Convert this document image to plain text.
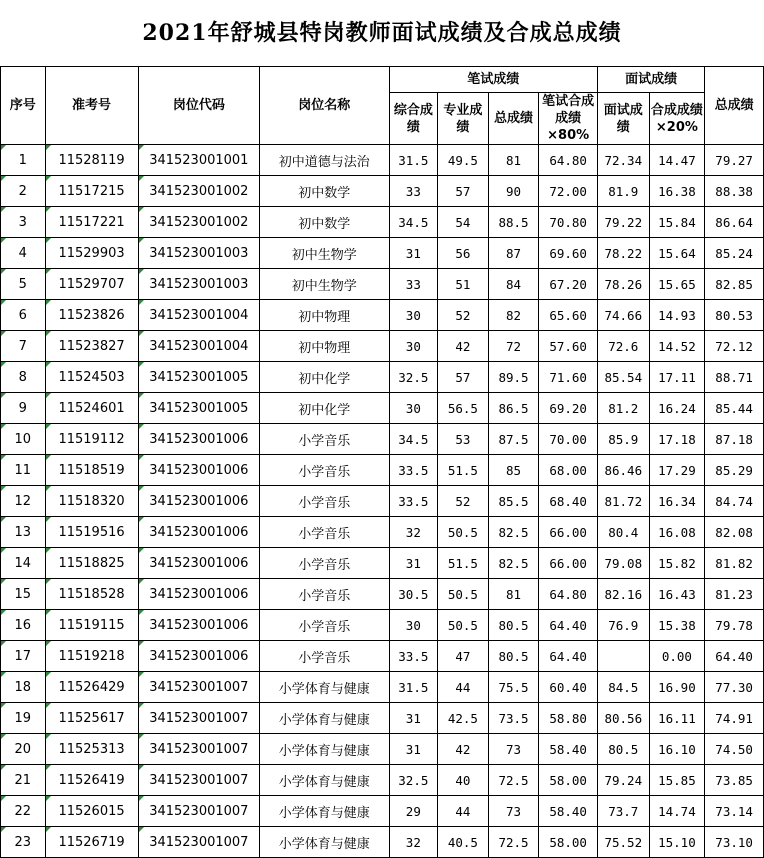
2021年舒城县特岗教师面试成绩及合成总成绩
序号	准考号	岗位代码	岗位名称	笔试成绩				面试成绩		总成绩
				综合成绩	专业成绩	总成绩	笔试合成成绩×80%	面试成绩	合成成绩×20%	
1	11528119	341523001001	初中道德与法治	31.5	49.5	81	64.80	72.34	14.47	79.27
2	11517215	341523001002	初中数学	33	57	90	72.00	81.9	16.38	88.38
3	11517221	341523001002	初中数学	34.5	54	88.5	70.80	79.22	15.84	86.64
4	11529903	341523001003	初中生物学	31	56	87	69.60	78.22	15.64	85.24
5	11529707	341523001003	初中生物学	33	51	84	67.20	78.26	15.65	82.85
6	11523826	341523001004	初中物理	30	52	82	65.60	74.66	14.93	80.53
7	11523827	341523001004	初中物理	30	42	72	57.60	72.6	14.52	72.12
8	11524503	341523001005	初中化学	32.5	57	89.5	71.60	85.54	17.11	88.71
9	11524601	341523001005	初中化学	30	56.5	86.5	69.20	81.2	16.24	85.44
10	11519112	341523001006	小学音乐	34.5	53	87.5	70.00	85.9	17.18	87.18
11	11518519	341523001006	小学音乐	33.5	51.5	85	68.00	86.46	17.29	85.29
12	11518320	341523001006	小学音乐	33.5	52	85.5	68.40	81.72	16.34	84.74
13	11519516	341523001006	小学音乐	32	50.5	82.5	66.00	80.4	16.08	82.08
14	11518825	341523001006	小学音乐	31	51.5	82.5	66.00	79.08	15.82	81.82
15	11518528	341523001006	小学音乐	30.5	50.5	81	64.80	82.16	16.43	81.23
16	11519115	341523001006	小学音乐	30	50.5	80.5	64.40	76.9	15.38	79.78
17	11519218	341523001006	小学音乐	33.5	47	80.5	64.40		0.00	64.40
18	11526429	341523001007	小学体育与健康	31.5	44	75.5	60.40	84.5	16.90	77.30
19	11525617	341523001007	小学体育与健康	31	42.5	73.5	58.80	80.56	16.11	74.91
20	11525313	341523001007	小学体育与健康	31	42	73	58.40	80.5	16.10	74.50
21	11526419	341523001007	小学体育与健康	32.5	40	72.5	58.00	79.24	15.85	73.85
22	11526015	341523001007	小学体育与健康	29	44	73	58.40	73.7	14.74	73.14
23	11526719	341523001007	小学体育与健康	32	40.5	72.5	58.00	75.52	15.10	73.10
